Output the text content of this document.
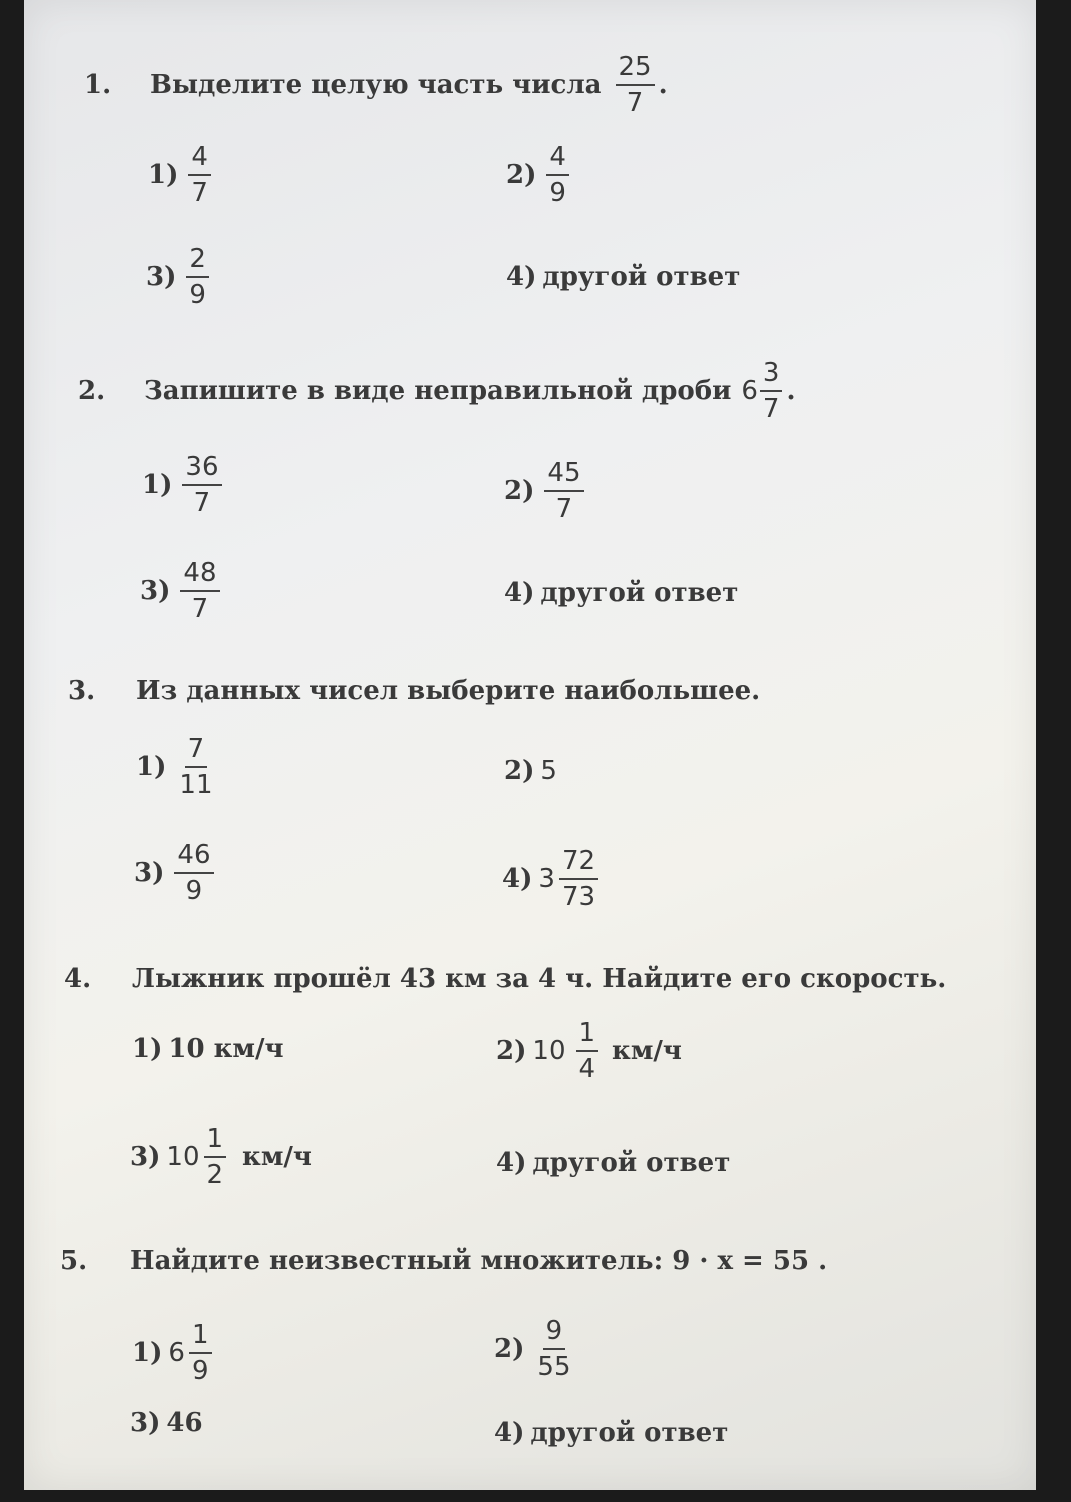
1. Выделите целую часть числа $\frac{25}{7}$ .
$1) \frac{4}{7}$	$2) \frac{4}{9}$
$3) \frac{2}{9}$	4) другой ответ
2. Запишите в виде неправильной дроби $6 \frac{3}{7}$ .
$1) \frac{36}{7}$	$2) \frac{45}{7}$
$3) \frac{48}{7}$	4) другой ответ
3. Из данных чисел выберите наибольшее.
$1) \frac{7}{11}$	2) 5
$3) \frac{46}{9}$	4) $3 \frac{72}{73}$
4. Лыжник прошёл 43 км за 4 ч. Найдите его скорость.
1) 10 км/ч	2) $10 \frac{1}{4} км/ч$
3) $10 \frac{1}{2} км/ч$	4) другой ответ
5. Найдите неизвестный множитель: 9 · x = 55 .
1) $6 \frac{1}{9}$	$2) \frac{9}{55}$
3) 46	4) другой ответ
